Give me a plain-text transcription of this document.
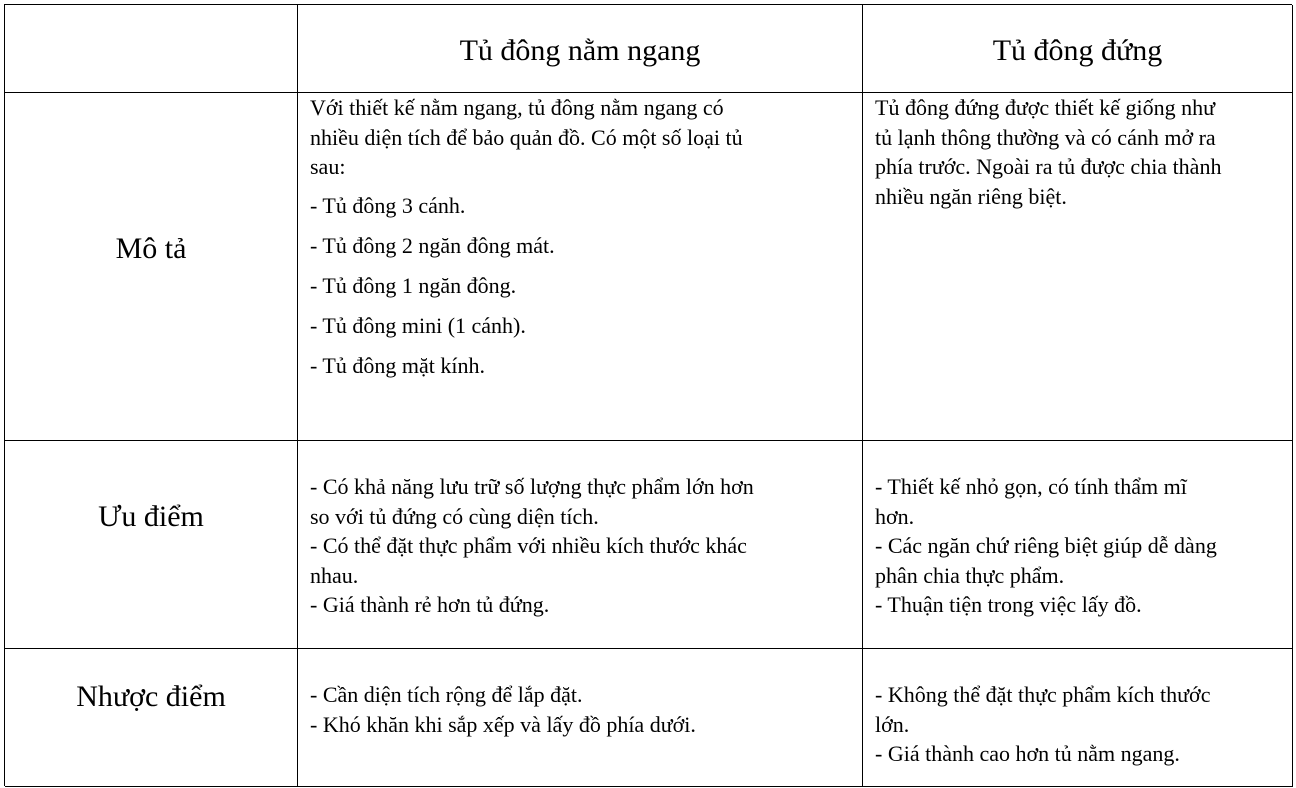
Tủ đông nằm ngang	Tủ đông đứng
Mô tả
Với thiết kế nằm ngang, tủ đông nằm ngang có
nhiều diện tích để bảo quản đồ. Có một số loại tủ
sau:
- Tủ đông 3 cánh.
- Tủ đông 2 ngăn đông mát.
- Tủ đông 1 ngăn đông.
- Tủ đông mini (1 cánh).
- Tủ đông mặt kính.
Tủ đông đứng được thiết kế giống như
tủ lạnh thông thường và có cánh mở ra
phía trước. Ngoài ra tủ được chia thành
nhiều ngăn riêng biệt.
Ưu điểm
- Có khả năng lưu trữ số lượng thực phẩm lớn hơn
so với tủ đứng có cùng diện tích.
- Có thể đặt thực phẩm với nhiều kích thước khác
nhau.
- Giá thành rẻ hơn tủ đứng.
- Thiết kế nhỏ gọn, có tính thẩm mĩ
hơn.
- Các ngăn chứ riêng biệt giúp dễ dàng
phân chia thực phẩm.
- Thuận tiện trong việc lấy đồ.
Nhược điểm	- Cần diện tích rộng để lắp đặt.
- Khó khăn khi sắp xếp và lấy đồ phía dưới.
- Không thể đặt thực phẩm kích thước
lớn.
- Giá thành cao hơn tủ nằm ngang.
